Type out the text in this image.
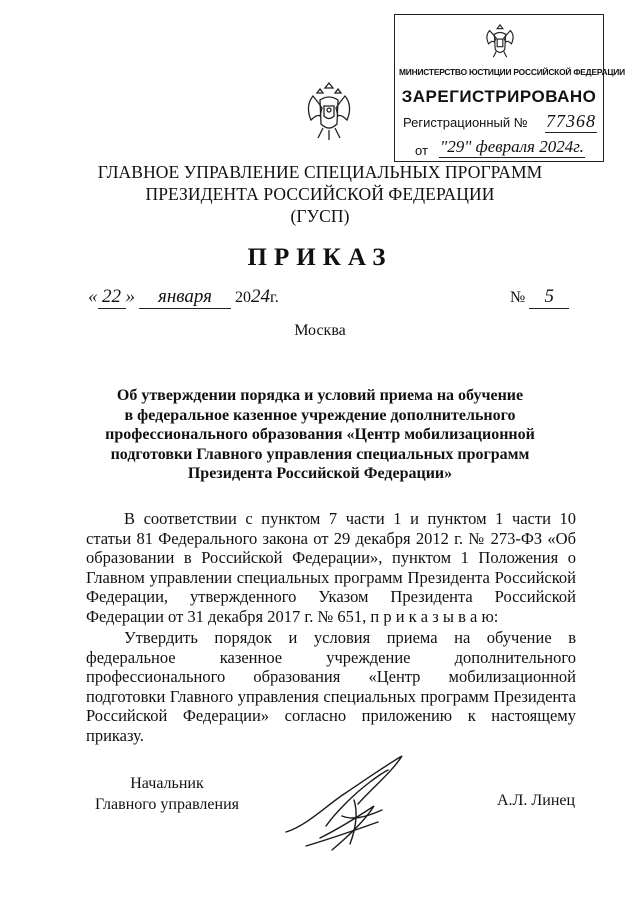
МИНИСТЕРСТВО ЮСТИЦИИ РОССИЙСКОЙ ФЕДЕРАЦИИ
ЗАРЕГИСТРИРОВАНО
Регистрационный № 77368
от "29" февраля 2024г.
ГЛАВНОЕ УПРАВЛЕНИЕ СПЕЦИАЛЬНЫХ ПРОГРАММ
ПРЕЗИДЕНТА РОССИЙСКОЙ ФЕДЕРАЦИИ
(ГУСП)
ПРИКАЗ
« 22 » января 2024г.	№ 5
Москва
Об утверждении порядка и условий приема на обучение
в федеральное казенное учреждение дополнительного
профессионального образования «Центр мобилизационной
подготовки Главного управления специальных программ
Президента Российской Федерации»
В соответствии с пунктом 7 части 1 и пунктом 1 части 10 статьи 81 Федерального закона от 29 декабря 2012 г. № 273-ФЗ «Об образовании в Российской Федерации», пунктом 1 Положения о Главном управлении специальных программ Президента Российской Федерации, утвержденного Указом Президента Российской Федерации от 31 декабря 2017 г. № 651, п р и к а з ы в а ю:
Утвердить порядок и условия приема на обучение в федеральное казенное учреждение дополнительного профессионального образования «Центр мобилизационной подготовки Главного управления специальных программ Президента Российской Федерации» согласно приложению к настоящему приказу.
Начальник
Главного управления	А.Л. Линец
